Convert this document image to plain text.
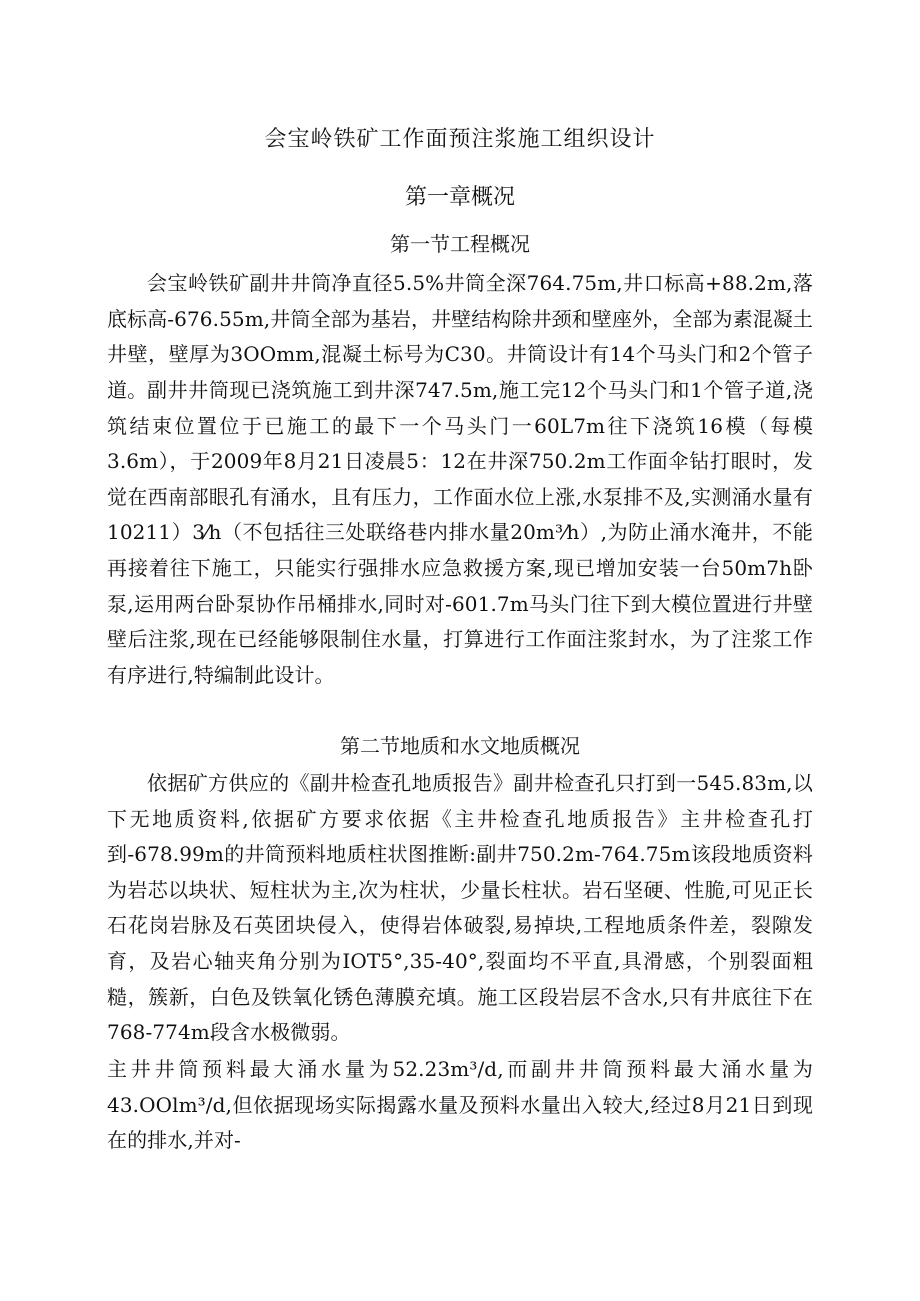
会宝岭铁矿工作面预注浆施工组织设计
第一章概况
第一节工程概况
会宝岭铁矿副井井筒净直径5.5%井筒全深764.75m,井口标高+88.2m,落底标高-676.55m,井筒全部为基岩，井壁结构除井颈和壁座外，全部为素混凝土井壁，壁厚为3OOmm,混凝土标号为C30。井筒设计有14个马头门和2个管子道。 副井井筒现已浇筑施工到井深747.5m,施工完12个马头门和1个管子道,浇筑结束位置位于已施工的最下一个马头门一60L7m往下浇筑16模（每模3.6m），于2009年8月21日凌晨5：12在井深750.2m工作面伞钻打眼时，发觉在西南部眼孔有涌水，且有压力，工作面水位上涨,水泵排不及,实测涌水量有10211）3⁄h（不包括往三处联络巷内排水量20m³⁄h）,为防止涌水淹井，不能再接着往下施工，只能实行强排水应急救援方案,现已增加安装一台50m7h卧泵,运用两台卧泵协作吊桶排水,同时对-601.7m马头门往下到大模位置进行井壁壁后注浆,现在已经能够限制住水量，打算进行工作面注浆封水，为了注浆工作有序进行,特编制此设计。
第二节地质和水文地质概况
依据矿方供应的《副井检查孔地质报告》副井检查孔只打到一545.83m,以下无地质资料,依据矿方要求依据《主井检查孔地质报告》主井检查孔打到-678.99m的井筒预料地质柱状图推断:副井750.2m-764.75m该段地质资料为岩芯以块状、短柱状为主,次为柱状，少量长柱状。岩石坚硬、性脆,可见正长石花岗岩脉及石英团块侵入，使得岩体破裂,易掉块,工程地质条件差，裂隙发育，及岩心轴夹角分别为IOT5°,35-40°,裂面均不平直,具滑感，个别裂面粗糙，簇新，白色及铁氧化锈色薄膜充填。施工区段岩层不含水,只有井底往下在768-774m段含水极微弱。
主井井筒预料最大涌水量为52.23m³/d,而副井井筒预料最大涌水量为43.OOlm³/d,但依据现场实际揭露水量及预料水量出入较大,经过8月21日到现在的排水,并对-
